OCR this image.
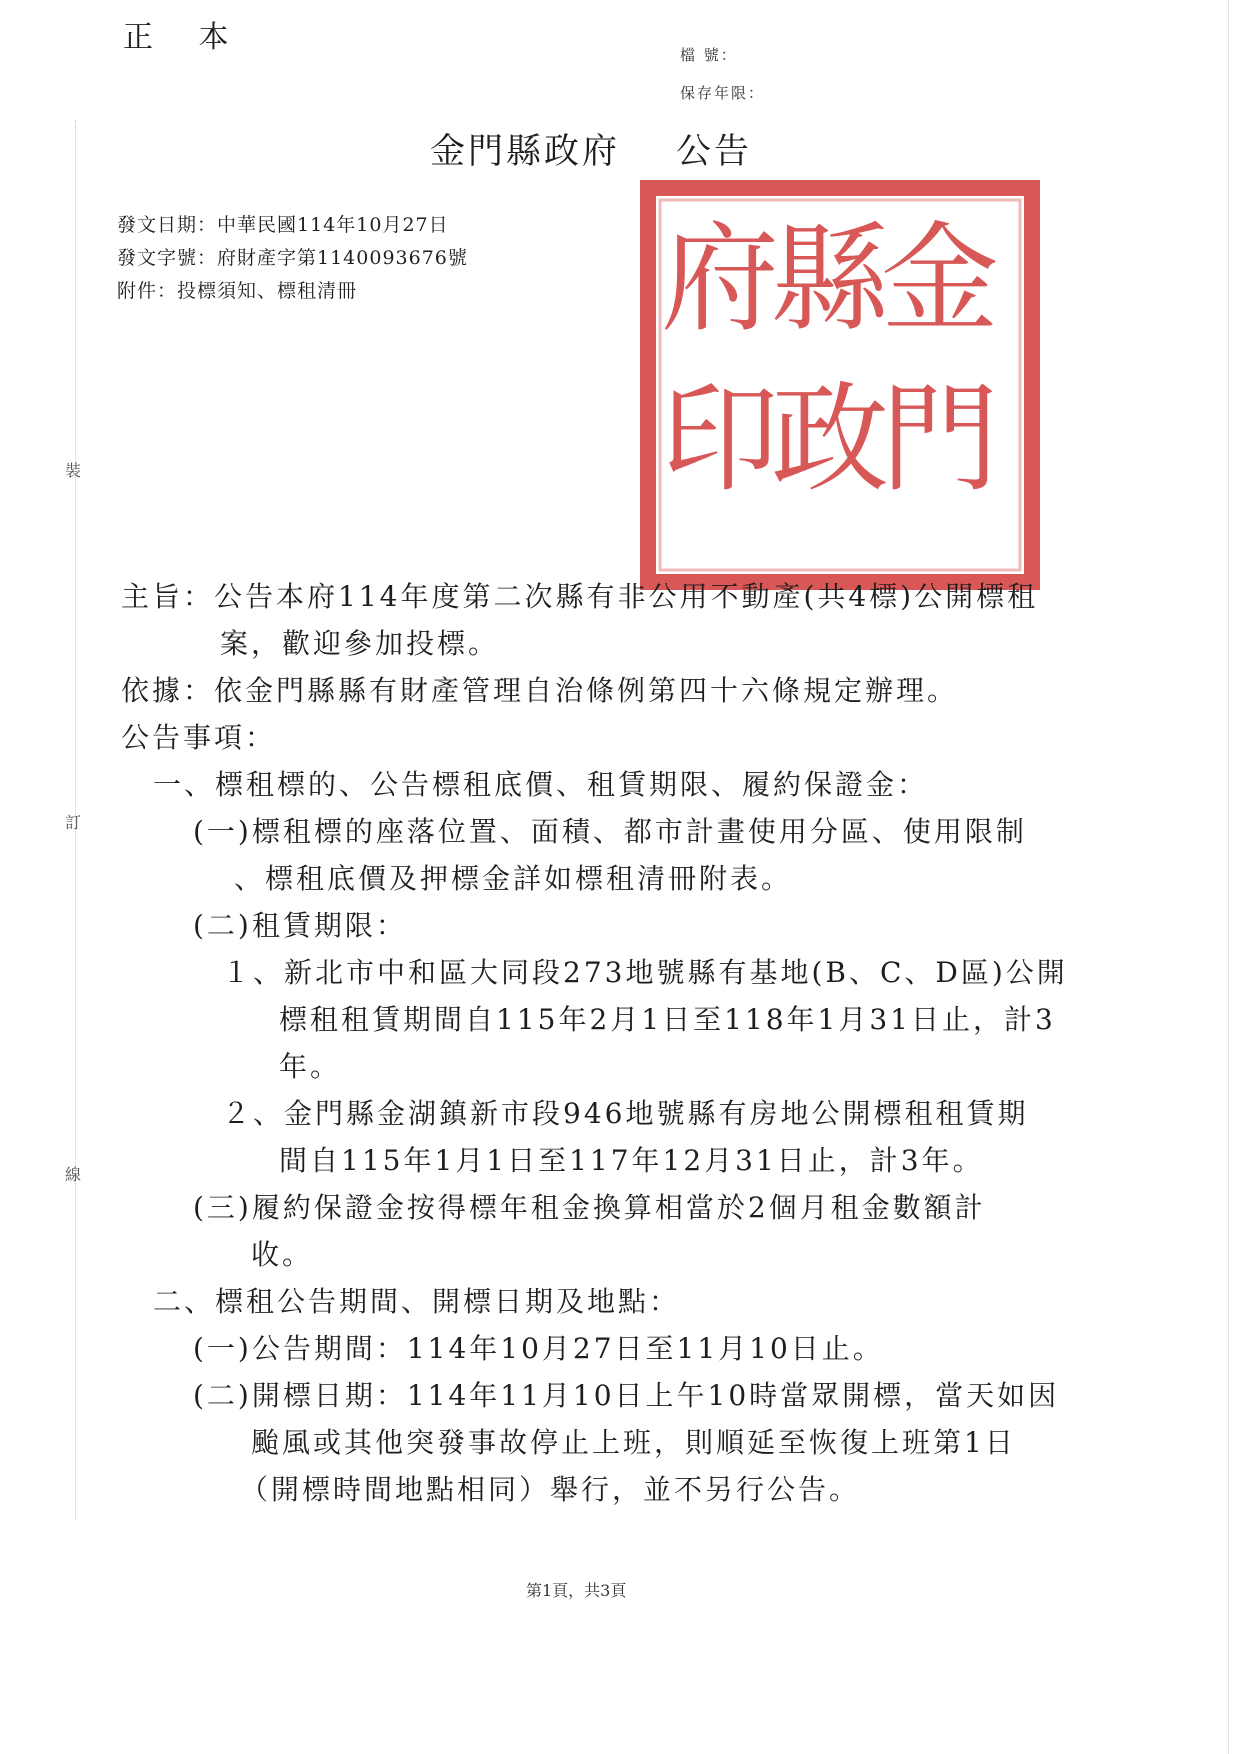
裝
訂
線
正 本	檔 號：
保存年限：
金門縣政府 公告
發文日期：中華民國114年10月27日
發文字號：府財產字第1140093676號
附件：投標須知、標租清冊	金
門
縣
政
府
印
主旨：公告本府114年度第二次縣有非公用不動產(共4標)公開標租
案，歡迎參加投標。
依據：依金門縣縣有財產管理自治條例第四十六條規定辦理。
公告事項：
一、標租標的、公告標租底價、租賃期限、履約保證金：
(一)標租標的座落位置、面積、都市計畫使用分區、使用限制
、標租底價及押標金詳如標租清冊附表。
(二)租賃期限：
１、新北市中和區大同段273地號縣有基地(B、C、D區)公開
標租租賃期間自115年2月1日至118年1月31日止，計3
年。
２、金門縣金湖鎮新市段946地號縣有房地公開標租租賃期
間自115年1月1日至117年12月31日止，計3年。
(三)履約保證金按得標年租金換算相當於2個月租金數額計
收。
二、標租公告期間、開標日期及地點：
(一)公告期間：114年10月27日至11月10日止。
(二)開標日期：114年11月10日上午10時當眾開標，當天如因
颱風或其他突發事故停止上班，則順延至恢復上班第1日
（開標時間地點相同）舉行，並不另行公告。
第1頁，共3頁
